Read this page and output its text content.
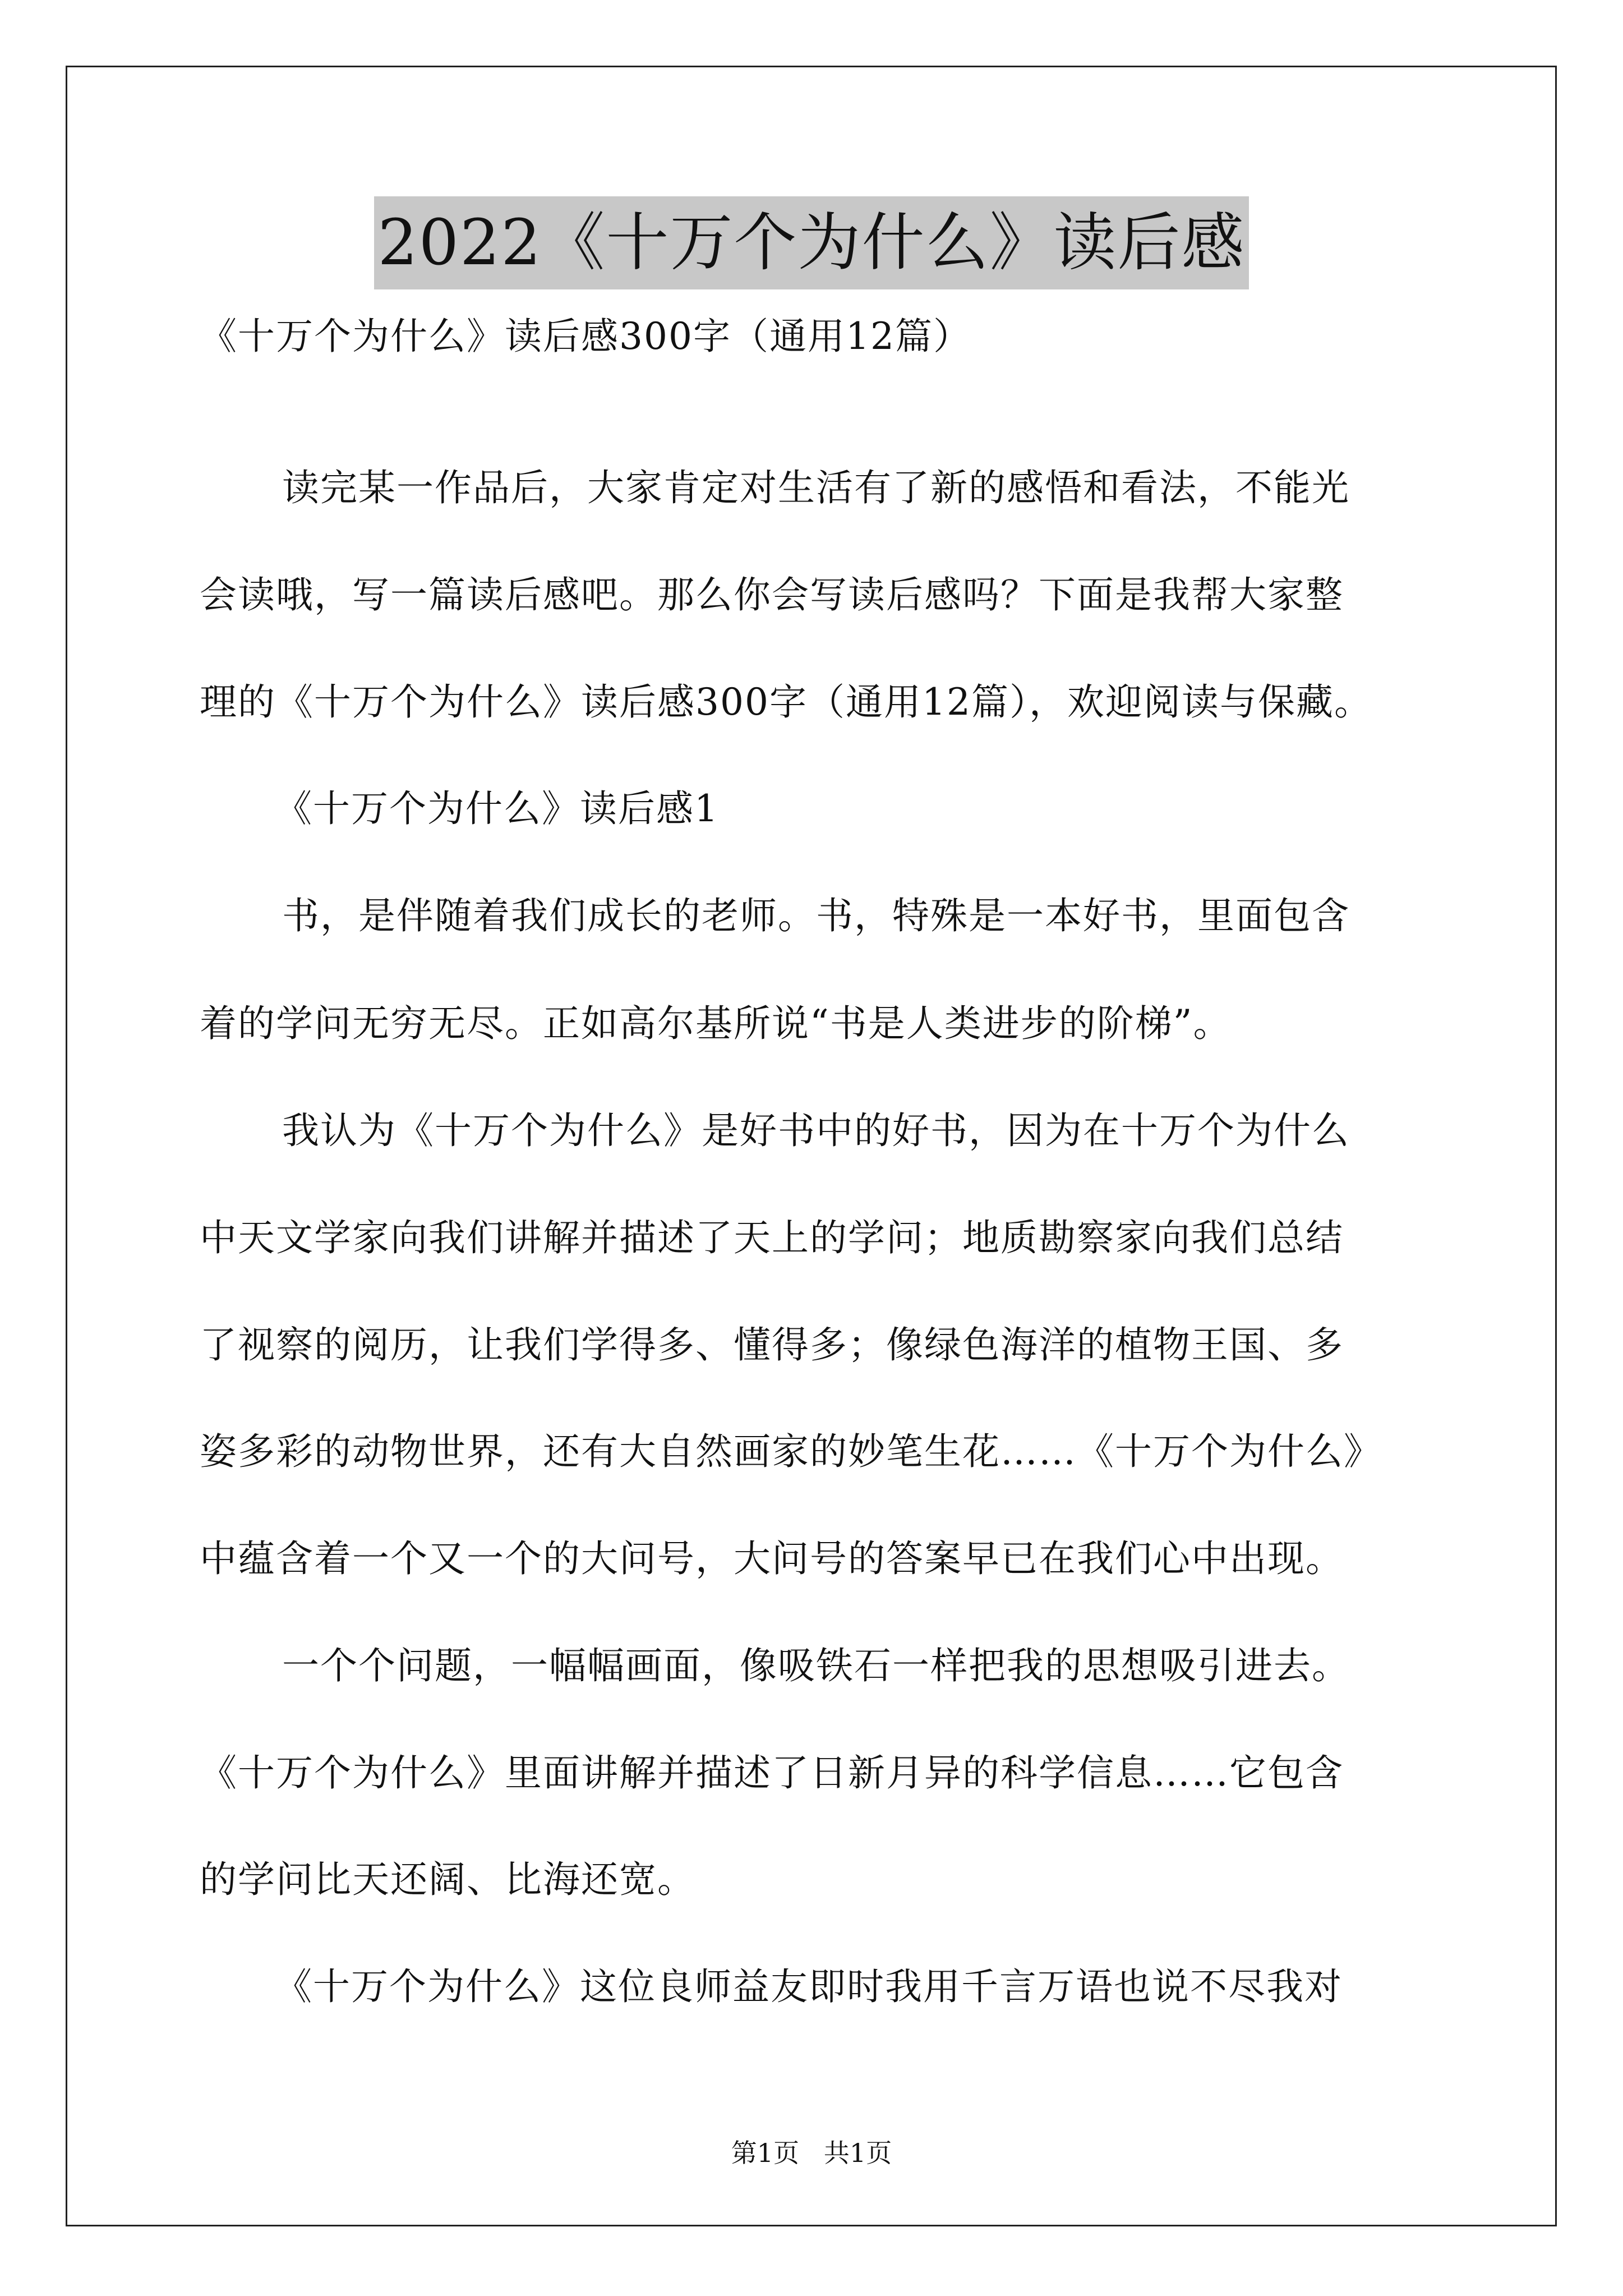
2022《十万个为什么》读后感
《十万个为什么》读后感300字（通用12篇）
读完某一作品后，大家肯定对生活有了新的感悟和看法，不能光
会读哦，写一篇读后感吧。那么你会写读后感吗？下面是我帮大家整
理的《十万个为什么》读后感300字（通用12篇），欢迎阅读与保藏。
《十万个为什么》读后感1
书，是伴随着我们成长的老师。书，特殊是一本好书，里面包含
着的学问无穷无尽。正如高尔基所说“书是人类进步的阶梯”。
我认为《十万个为什么》是好书中的好书，因为在十万个为什么
中天文学家向我们讲解并描述了天上的学问；地质勘察家向我们总结
了视察的阅历，让我们学得多、懂得多；像绿色海洋的植物王国、多
姿多彩的动物世界，还有大自然画家的妙笔生花……《十万个为什么》
中蕴含着一个又一个的大问号，大问号的答案早已在我们心中出现。
一个个问题，一幅幅画面，像吸铁石一样把我的思想吸引进去。
《十万个为什么》里面讲解并描述了日新月异的科学信息……它包含
的学问比天还阔、比海还宽。
《十万个为什么》这位良师益友即时我用千言万语也说不尽我对
第1页   共1页
